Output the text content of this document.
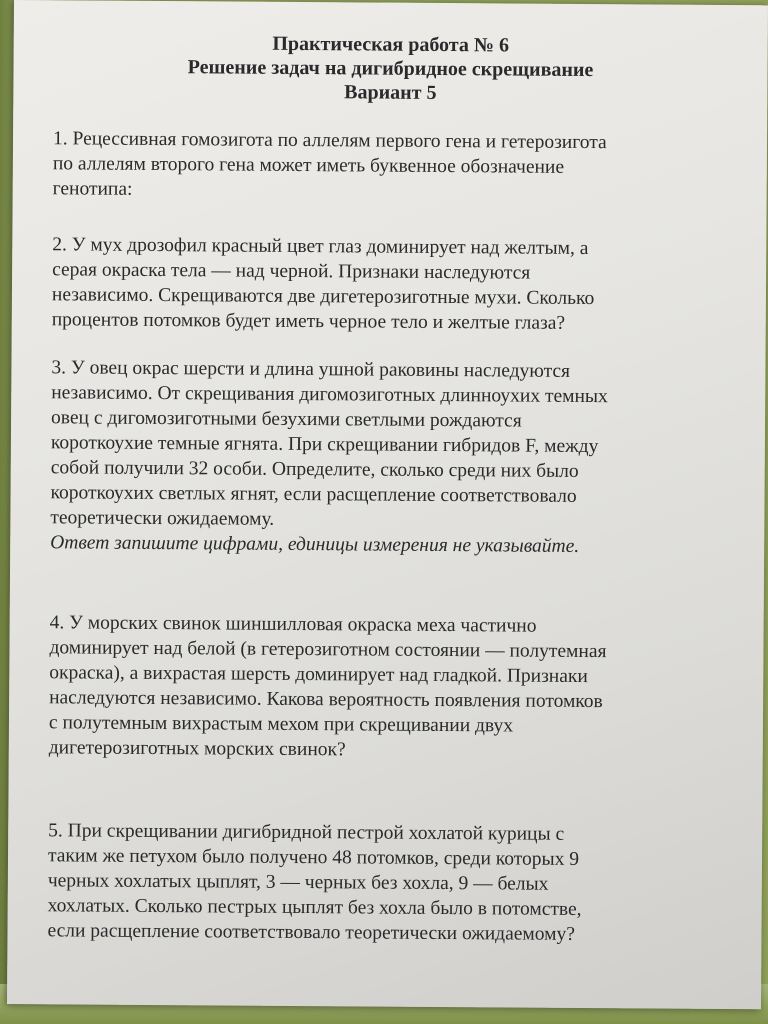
Практическая работа № 6
Решение задач на дигибридное скрещивание
Вариант 5
1. Рецессивная гомозигота по аллелям первого гена и гетерозигота
по аллелям второго гена может иметь буквенное обозначение
генотипа:
2. У мух дрозофил красный цвет глаз доминирует над желтым, а
серая окраска тела — над черной. Признаки наследуются
независимо. Скрещиваются две дигетерозиготные мухи. Сколько
процентов потомков будет иметь черное тело и желтые глаза?
3. У овец окрас шерсти и длина ушной раковины наследуются
независимо. От скрещивания дигомозиготных длинноухих темных
овец с дигомозиготными безухими светлыми рождаются
короткоухие темные ягнята. При скрещивании гибридов F, между
собой получили 32 особи. Определите, сколько среди них было
короткоухих светлых ягнят, если расщепление соответствовало
теоретически ожидаемому.
Ответ запишите цифрами, единицы измерения не указывайте.
4. У морских свинок шиншилловая окраска меха частично
доминирует над белой (в гетерозиготном состоянии — полутемная
окраска), а вихрастая шерсть доминирует над гладкой. Признаки
наследуются независимо. Какова вероятность появления потомков
с полутемным вихрастым мехом при скрещивании двух
дигетерозиготных морских свинок?
5. При скрещивании дигибридной пестрой хохлатой курицы с
таким же петухом было получено 48 потомков, среди которых 9
черных хохлатых цыплят, 3 — черных без хохла, 9 — белых
хохлатых. Сколько пестрых цыплят без хохла было в потомстве,
если расщепление соответствовало теоретически ожидаемому?
